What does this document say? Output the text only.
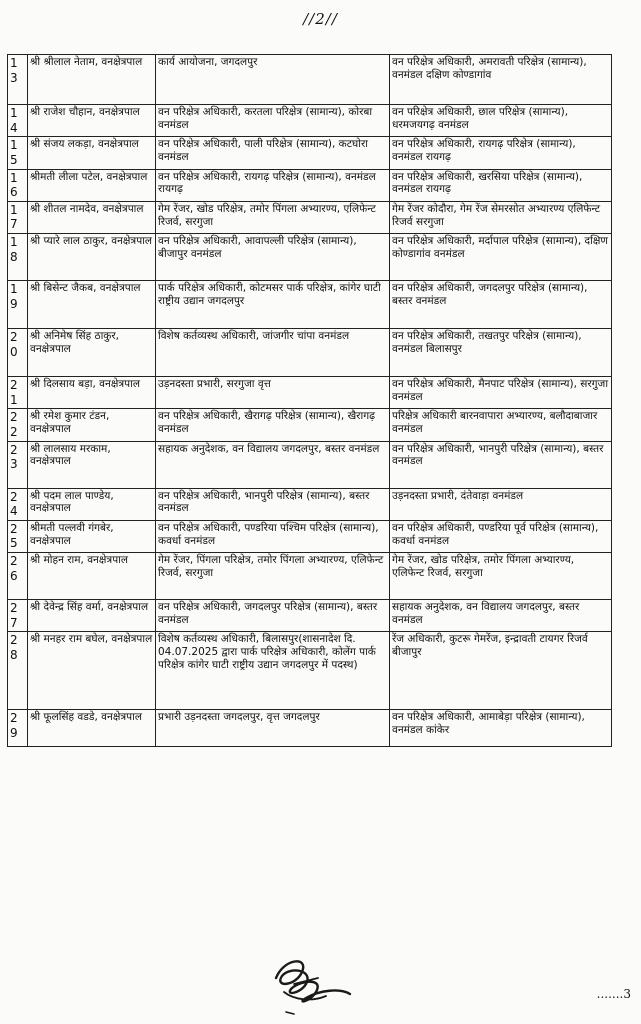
//2//
13	श्री श्रीलाल नेताम, वनक्षेत्रपाल	कार्य आयोजना, जगदलपुर	वन परिक्षेत्र अधिकारी, अमरावती परिक्षेत्र (सामान्य), वनमंडल दक्षिण कोण्डागांव
14	श्री राजेश चौहान, वनक्षेत्रपाल	वन परिक्षेत्र अधिकारी, करतला परिक्षेत्र (सामान्य), कोरबा वनमंडल	वन परिक्षेत्र अधिकारी, छाल परिक्षेत्र (सामान्य), धरमजयगढ़ वनमंडल
15	श्री संजय लकड़ा, वनक्षेत्रपाल	वन परिक्षेत्र अधिकारी, पाली परिक्षेत्र (सामान्य), कटघोरा वनमंडल	वन परिक्षेत्र अधिकारी, रायगढ़ परिक्षेत्र (सामान्य), वनमंडल रायगढ़
16	श्रीमती लीला पटेल, वनक्षेत्रपाल	वन परिक्षेत्र अधिकारी, रायगढ़ परिक्षेत्र (सामान्य), वनमंडल रायगढ़	वन परिक्षेत्र अधिकारी, खरसिया परिक्षेत्र (सामान्य), वनमंडल रायगढ़
17	श्री शीतल नामदेव, वनक्षेत्रपाल	गेम रेंजर, खोड परिक्षेत्र, तमोर पिंगला अभ्यारण्य, एलिफेन्ट रिजर्व, सरगुजा	गेम रेंजर कोदौरा, गेम रेंज सेमरसोत अभ्यारण्य एलिफेन्ट रिजर्व सरगुजा
18	श्री प्यारे लाल ठाकुर, वनक्षेत्रपाल	वन परिक्षेत्र अधिकारी, आवापल्ली परिक्षेत्र (सामान्य), बीजापुर वनमंडल	वन परिक्षेत्र अधिकारी, मर्दापाल परिक्षेत्र (सामान्य), दक्षिण कोण्डागांव वनमंडल
19	श्री बिसेन्ट जैकब, वनक्षेत्रपाल	पार्क परिक्षेत्र अधिकारी, कोटमसर पार्क परिक्षेत्र, कांगेर घाटी राष्ट्रीय उद्यान जगदलपुर	वन परिक्षेत्र अधिकारी, जगदलपुर परिक्षेत्र (सामान्य), बस्तर वनमंडल
20	श्री अनिमेष सिंह ठाकुर, वनक्षेत्रपाल	विशेष कर्तव्यस्थ अधिकारी, जांजगीर चांपा वनमंडल	वन परिक्षेत्र अधिकारी, तखतपुर परिक्षेत्र (सामान्य), वनमंडल बिलासपुर
21	श्री दिलसाय बड़ा, वनक्षेत्रपाल	उड़नदस्ता प्रभारी, सरगुजा वृत्त	वन परिक्षेत्र अधिकारी, मैनपाट परिक्षेत्र (सामान्य), सरगुजा वनमंडल
22	श्री रमेश कुमार टंडन, वनक्षेत्रपाल	वन परिक्षेत्र अधिकारी, खैरागढ़ परिक्षेत्र (सामान्य), खैरागढ़ वनमंडल	परिक्षेत्र अधिकारी बारनवापारा अभ्यारण्य, बलौदाबाजार वनमंडल
23	श्री लालसाय मरकाम, वनक्षेत्रपाल	सहायक अनुदेशक, वन विद्यालय जगदलपुर, बस्तर वनमंडल	वन परिक्षेत्र अधिकारी, भानपुरी परिक्षेत्र (सामान्य), बस्तर वनमंडल
24	श्री पदम लाल पाण्डेय, वनक्षेत्रपाल	वन परिक्षेत्र अधिकारी, भानपुरी परिक्षेत्र (सामान्य), बस्तर वनमंडल	उड़नदस्ता प्रभारी, दंतेवाड़ा वनमंडल
25	श्रीमती पल्लवी गंगबेर, वनक्षेत्रपाल	वन परिक्षेत्र अधिकारी, पण्डरिया पश्चिम परिक्षेत्र (सामान्य), कवर्धा वनमंडल	वन परिक्षेत्र अधिकारी, पण्डरिया पूर्व परिक्षेत्र (सामान्य), कवर्धा वनमंडल
26	श्री मोहन राम, वनक्षेत्रपाल	गेम रेंजर, पिंगला परिक्षेत्र, तमोर पिंगला अभ्यारण्य, एलिफेन्ट रिजर्व, सरगुजा	गेम रेंजर, खोड परिक्षेत्र, तमोर पिंगला अभ्यारण्य, एलिफेन्ट रिजर्व, सरगुजा
27	श्री देवेन्द्र सिंह वर्मा, वनक्षेत्रपाल	वन परिक्षेत्र अधिकारी, जगदलपुर परिक्षेत्र (सामान्य), बस्तर वनमंडल	सहायक अनुदेशक, वन विद्यालय जगदलपुर, बस्तर वनमंडल
28	श्री मनहर राम बघेल, वनक्षेत्रपाल	विशेष कर्तव्यस्थ अधिकारी, बिलासपुर(शासनादेश दि. 04.07.2025 द्वारा पार्क परिक्षेत्र अधिकारी, कोलेंग पार्क परिक्षेत्र कांगेर घाटी राष्ट्रीय उद्यान जगदलपुर में पदस्थ)	रेंज अधिकारी, कुटरू गेमरेंज, इन्द्रावती टायगर रिजर्व बीजापुर
29	श्री फूलसिंह वडडे, वनक्षेत्रपाल	प्रभारी उड़नदस्ता जगदलपुर, वृत्त जगदलपुर	वन परिक्षेत्र अधिकारी, आमाबेड़ा परिक्षेत्र (सामान्य), वनमंडल कांकेर
.......3
